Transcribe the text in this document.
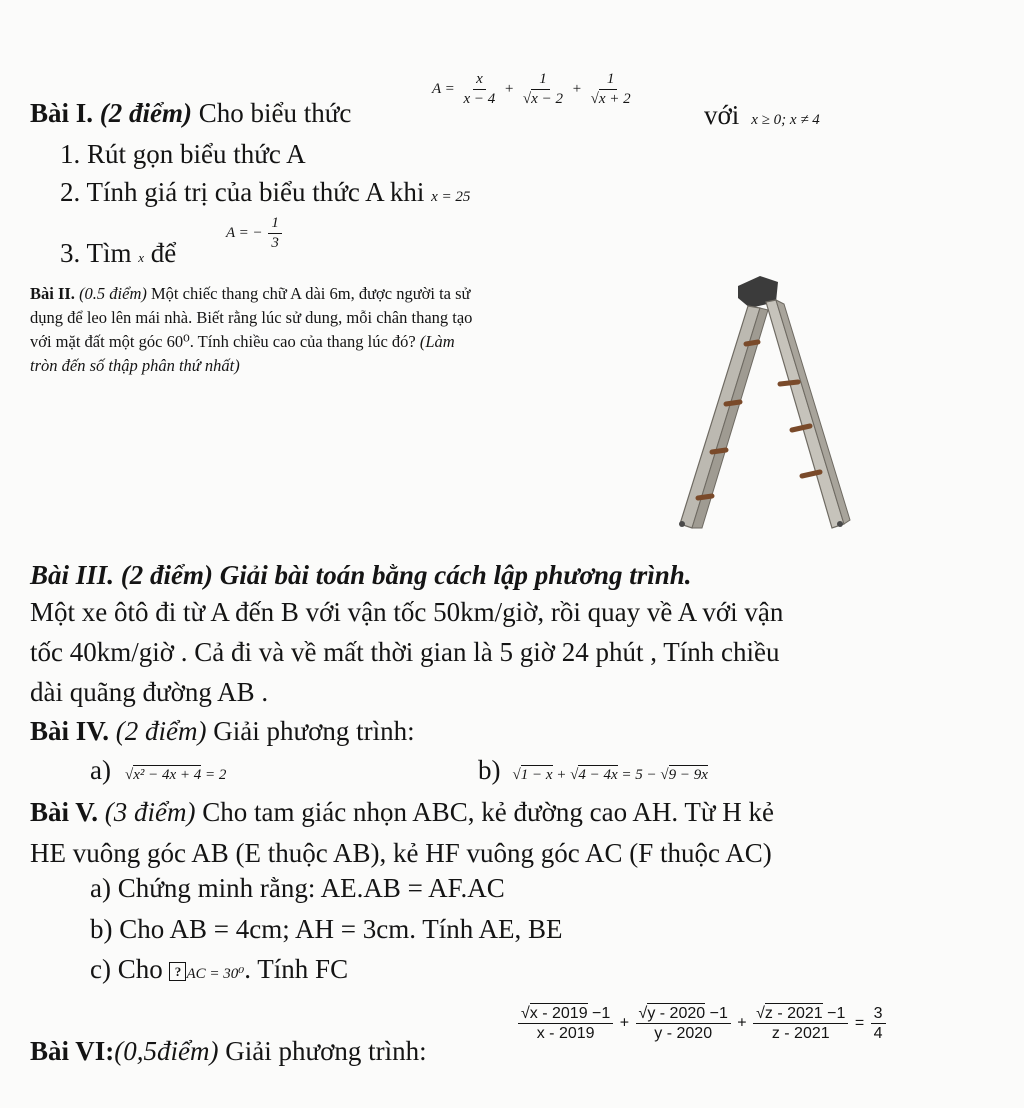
Bài I. (2 điểm) Cho biểu thức
$A = \frac{x}{x - 4} + \frac{1}{√x - 2} + \frac{1}{√x + 2}$
với x ≥ 0; x ≠ 4
1. Rút gọn biểu thức A
2. Tính giá trị của biểu thức A khi x = 25
3. Tìm x để
A = − $\frac{1}{3}$

Bài II. (0.5 điểm) Một chiếc thang chữ A dài 6m, được người ta sử

dụng để leo lên mái nhà. Biết rằng lúc sử dung, mỗi chân thang tạo

với mặt đất một góc 60⁰. Tính chiều cao của thang lúc đó? (Làm

tròn đến số thập phân thứ nhất)

Bài III. (2 điểm) Giải bài toán bằng cách lập phương trình.
Một xe ôtô đi từ A đến B với vận tốc 50km/giờ, rồi quay về A với vận
tốc 40km/giờ . Cả đi và về mất thời gian là 5 giờ 24 phút , Tính chiều
dài quãng đường AB .
Bài IV. (2 điểm) Giải phương trình:
a) √x² − 4x + 4 = 2	b) √1 − x + √4 − 4x = 5 − √9 − 9x
Bài V. (3 điểm) Cho tam giác nhọn ABC, kẻ đường cao AH. Từ H kẻ
HE vuông góc AB (E thuộc AB), kẻ HF vuông góc AC (F thuộc AC)
a) Chứng minh rằng: AE.AB = AF.AC
b) Cho AB = 4cm; AH = 3cm. Tính AE, BE
c) Cho ? AC = 30⁰. Tính FC
Bài VI:(0,5điểm) Giải phương trình:
$\frac{√x - 2019 -1}{x - 2019} + \frac{√y - 2020 -1}{y - 2020} + \frac{√z - 2021 -1}{z - 2021} = \frac{3}{4}$
